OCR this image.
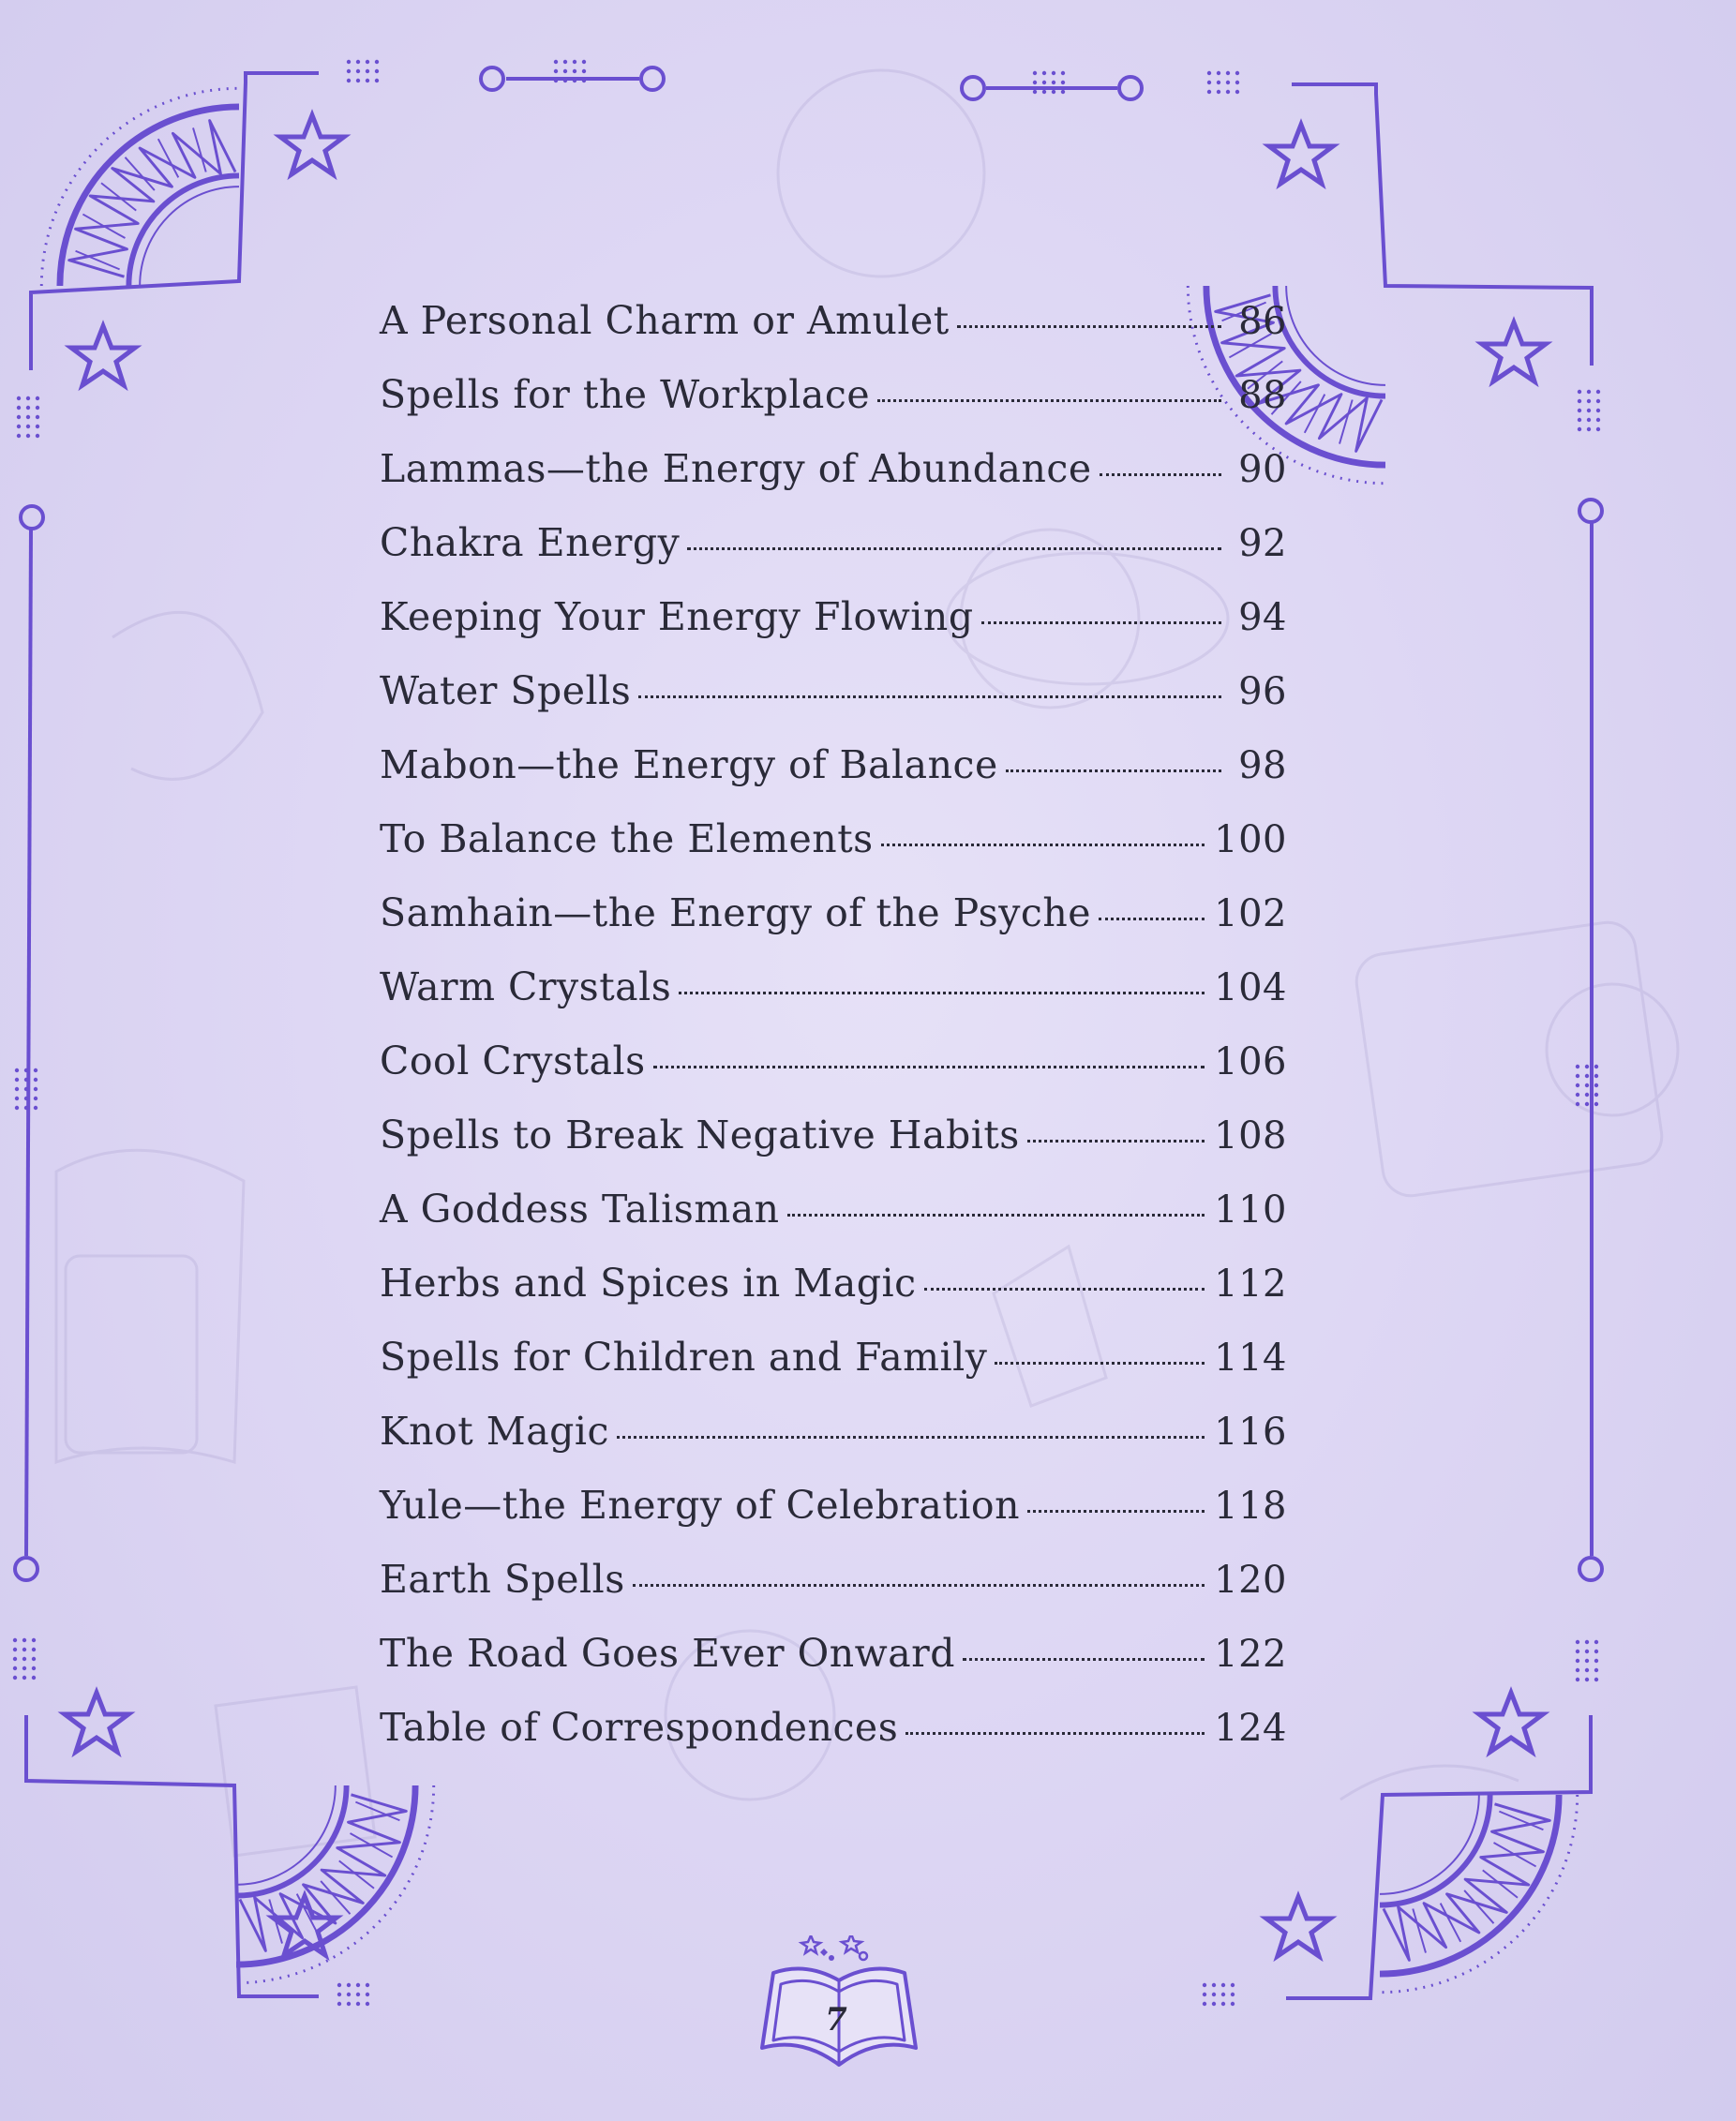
A Personal Charm or Amulet	86
Spells for the Workplace	88
Lammas—the Energy of Abundance	90
Chakra Energy	92
Keeping Your Energy Flowing	94
Water Spells	96
Mabon—the Energy of Balance	98
To Balance the Elements	100
Samhain—the Energy of the Psyche	102
Warm Crystals	104
Cool Crystals	106
Spells to Break Negative Habits	108
A Goddess Talisman	110
Herbs and Spices in Magic	112
Spells for Children and Family	114
Knot Magic	116
Yule—the Energy of Celebration	118
Earth Spells	120
The Road Goes Ever Onward	122
Table of Correspondences	124
7
